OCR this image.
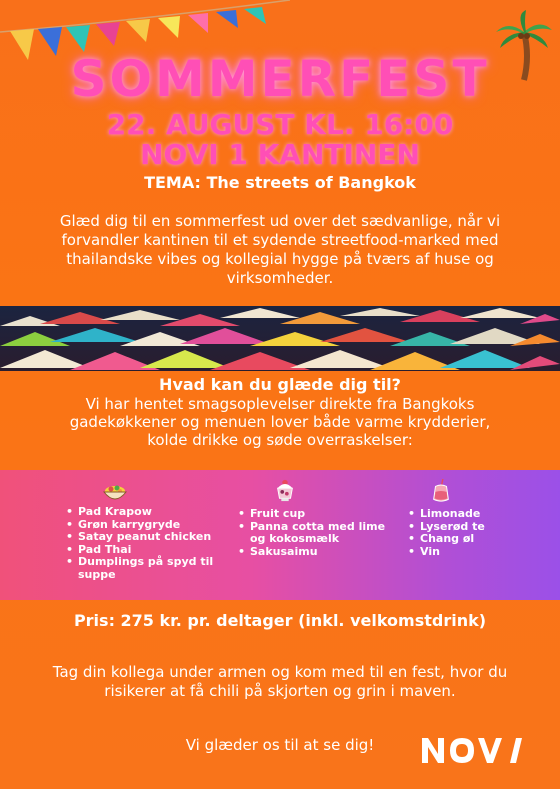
SOMMERFEST
22. AUGUST KL. 16:00
NOVI 1 KANTINEN
TEMA: The streets of Bangkok

Glæd dig til en sommerfest ud over det sædvanlige, når vi forvandler kantinen til et sydende streetfood-marked med thailandske vibes og kollegial hygge på tværs af huse og virksomheder.

Hvad kan du glæde dig til?

Vi har hentet smagsoplevelser direkte fra Bangkoks gadekøkkener og menuen lover både varme krydderier, kolde drikke og søde overraskelser:

• Pad Krapow
• Grøn karrygryde
• Satay peanut chicken
• Pad Thai
• Dumplings på spyd til suppe
• Fruit cup
• Panna cotta med lime og kokosmælk
• Sakusaimu
• Limonade
• Lyserød te
• Chang øl
• Vin
Pris: 275 kr. pr. deltager (inkl. velkomstdrink)

Tag din kollega under armen og kom med til en fest, hvor du risikerer at få chili på skjorten og grin i maven.

Vi glæder os til at se dig!
